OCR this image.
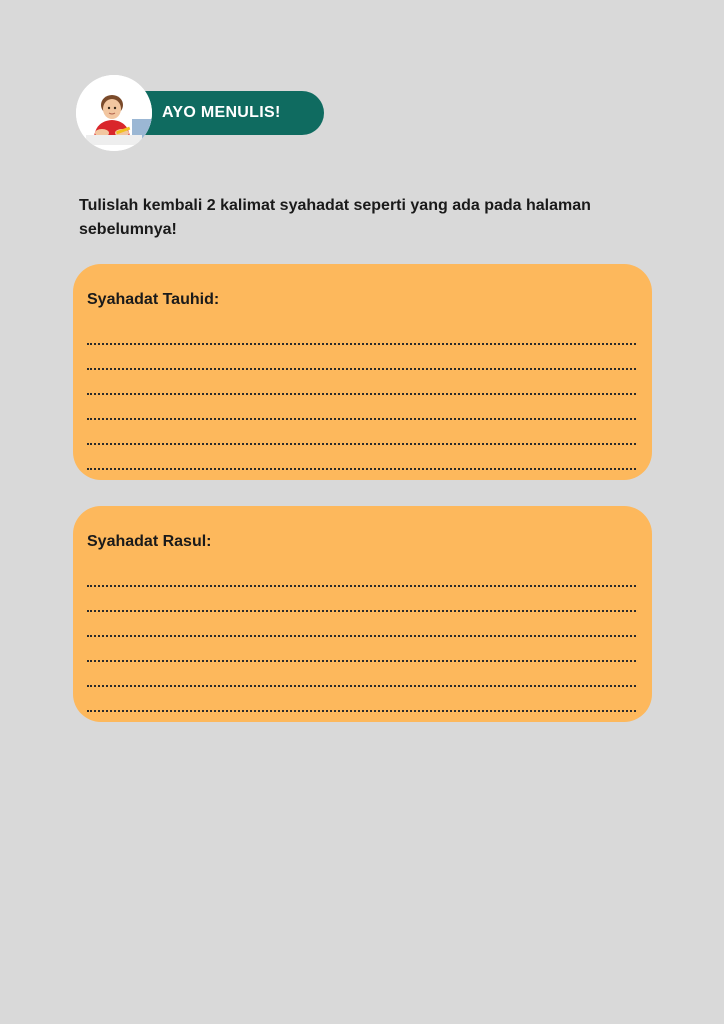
AYO MENULIS!

Tulislah kembali 2 kalimat syahadat seperti yang ada pada halaman sebelumnya!

Syahadat Tauhid:
Syahadat Rasul:
